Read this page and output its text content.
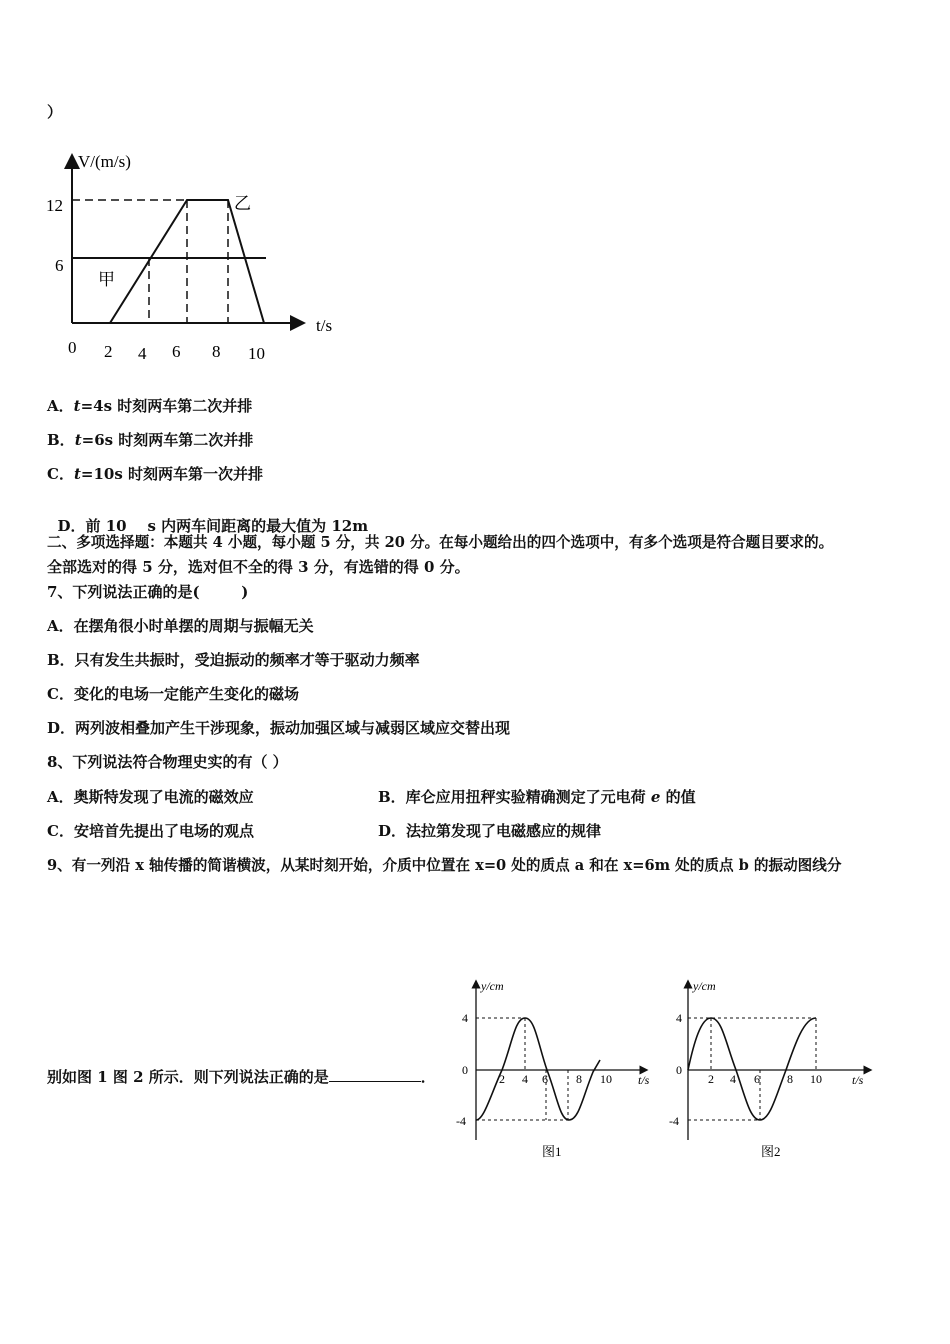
）
V/(m/s)
t/s
12
6
0 2 4 6 8 10
甲
乙
A．t=4s 时刻两车第二次并排
B．t=6s 时刻两车第二次并排
C．t=10s 时刻两车第一次并排

D．前 10    s 内两车间距离的最大值为 12m

二、多项选择题：本题共 4 小题，每小题 5 分，共 20 分。在每小题给出的四个选项中，有多个选项是符合题目要求的。
全部选对的得 5 分，选对但不全的得 3 分，有选错的得 0 分。
7、下列说法正确的是(        )
A．在摆角很小时单摆的周期与振幅无关
B．只有发生共振时，受迫振动的频率才等于驱动力频率
C．变化的电场一定能产生变化的磁场
D．两列波相叠加产生干涉现象，振动加强区域与减弱区域应交替出现
8、下列说法符合物理史实的有（ ）
A．奥斯特发现了电流的磁效应	B．库仑应用扭秤实验精确测定了元电荷 e 的值
C．安培首先提出了电场的观点	D．法拉第发现了电磁感应的规律
9、有一列沿 x 轴传播的简谐横波，从某时刻开始，介质中位置在 x=0 处的质点 a 和在 x=6m 处的质点 b 的振动图线分
别如图 1 图 2 所示．则下列说法正确的是	．
y/cm
t/s
4
0
-4
2 4 6 8 10
图1
y/cm
t/s
4
0
-4
2 4 6 8 10
图2
